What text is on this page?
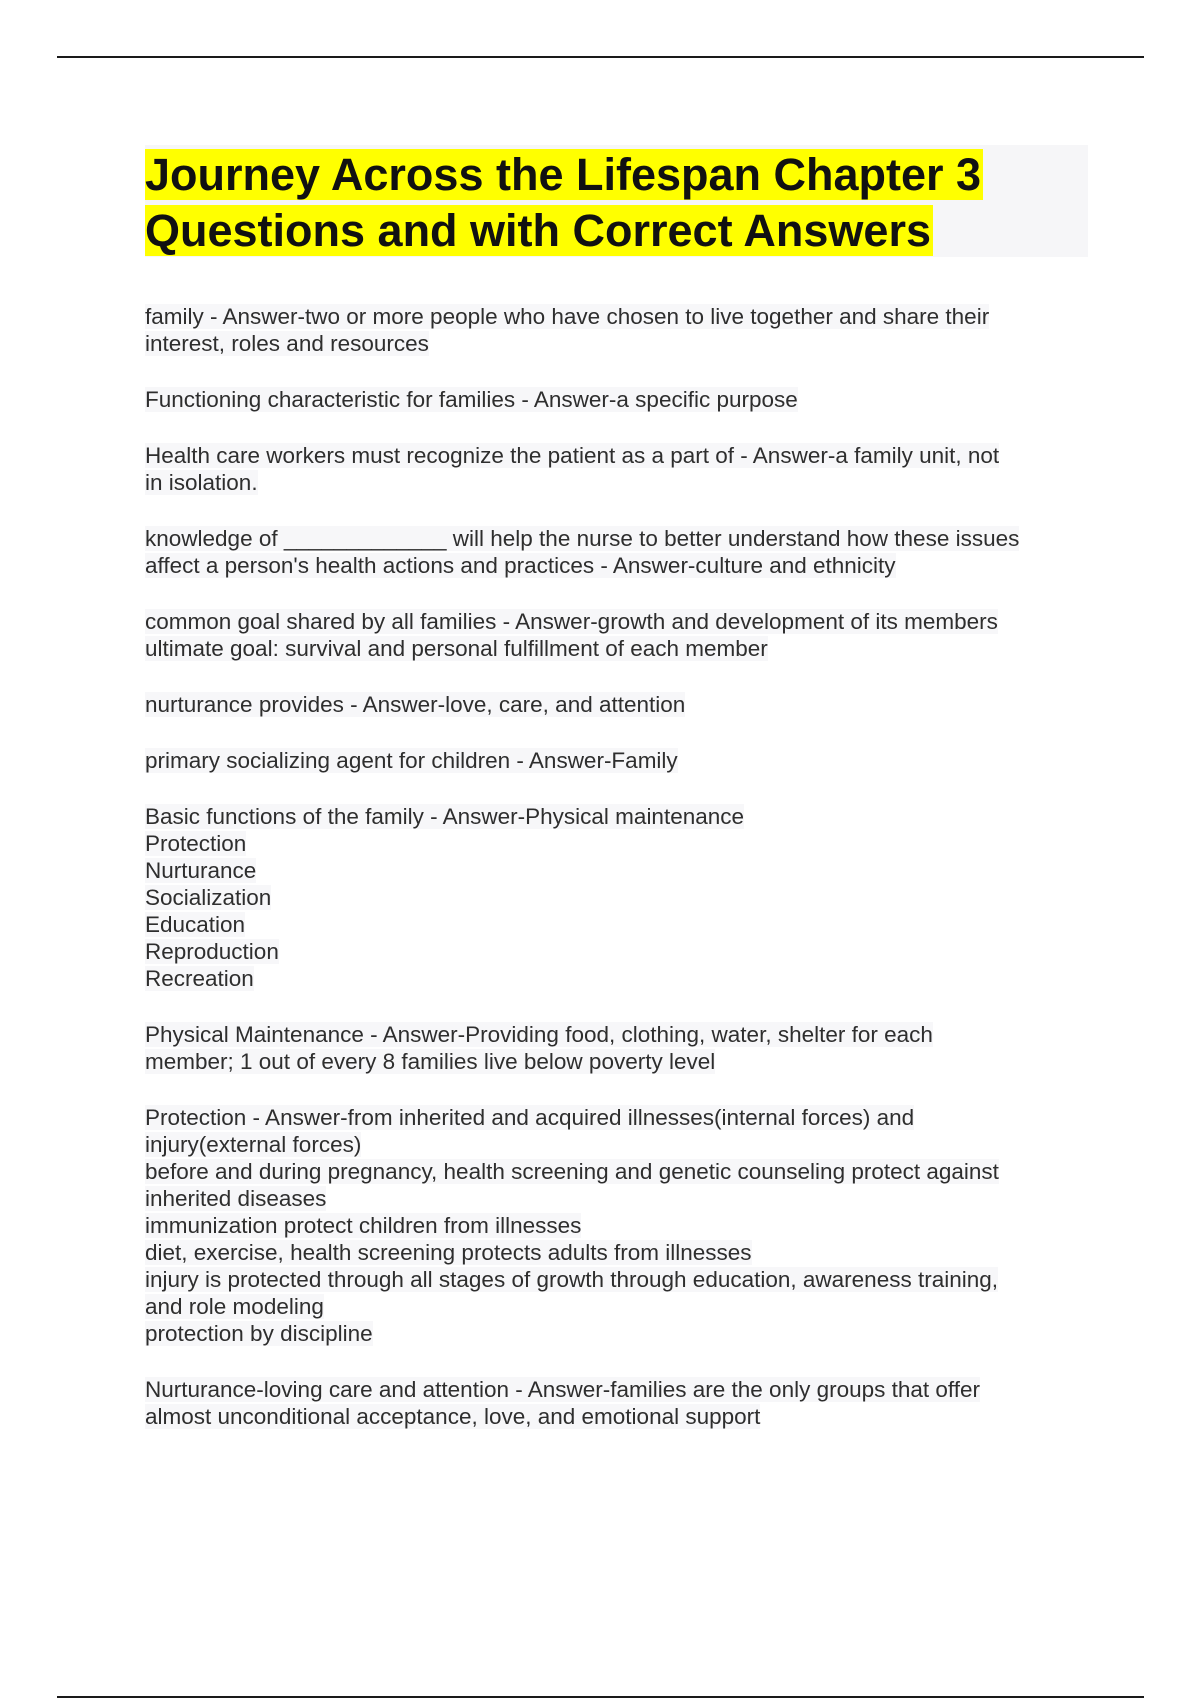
Journey Across the Lifespan Chapter 3
Questions and with Correct Answers

family - Answer-two or more people who have chosen to live together and share their
interest, roles and resources

Functioning characteristic for families - Answer-a specific purpose

Health care workers must recognize the patient as a part of - Answer-a family unit, not
in isolation.

knowledge of _____________ will help the nurse to better understand how these issues
affect a person's health actions and practices - Answer-culture and ethnicity

common goal shared by all families - Answer-growth and development of its members
ultimate goal: survival and personal fulfillment of each member

nurturance provides - Answer-love, care, and attention

primary socializing agent for children - Answer-Family

Basic functions of the family - Answer-Physical maintenance
Protection
Nurturance
Socialization
Education
Reproduction
Recreation

Physical Maintenance - Answer-Providing food, clothing, water, shelter for each
member; 1 out of every 8 families live below poverty level

Protection - Answer-from inherited and acquired illnesses(internal forces) and
injury(external forces)
before and during pregnancy, health screening and genetic counseling protect against
inherited diseases
immunization protect children from illnesses
diet, exercise, health screening protects adults from illnesses
injury is protected through all stages of growth through education, awareness training,
and role modeling
protection by discipline

Nurturance-loving care and attention - Answer-families are the only groups that offer
almost unconditional acceptance, love, and emotional support
